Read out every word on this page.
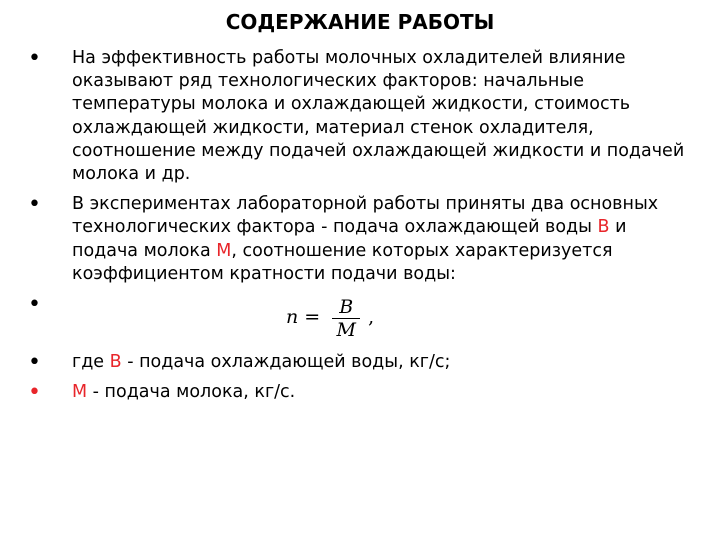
СОДЕРЖАНИЕ РАБОТЫ
• На эффективность работы молочных охладителей влияние оказывают ряд технологических факторов: начальные температуры молока и охлаждающей жидкости, стоимость охлаждающей жидкости, материал стенок охладителя, соотношение между подачей охлаждающей жидкости и подачей молока и др.
• В экспериментах лабораторной работы приняты два основных технологических фактора - подача охлаждающей воды В и подача молока М, соотношение которых характеризуется коэффициентом кратности подачи воды:
•
$n = \frac{B}{M}$ ,
• где В - подача охлаждающей воды, кг/с;
• М - подача молока, кг/с.
